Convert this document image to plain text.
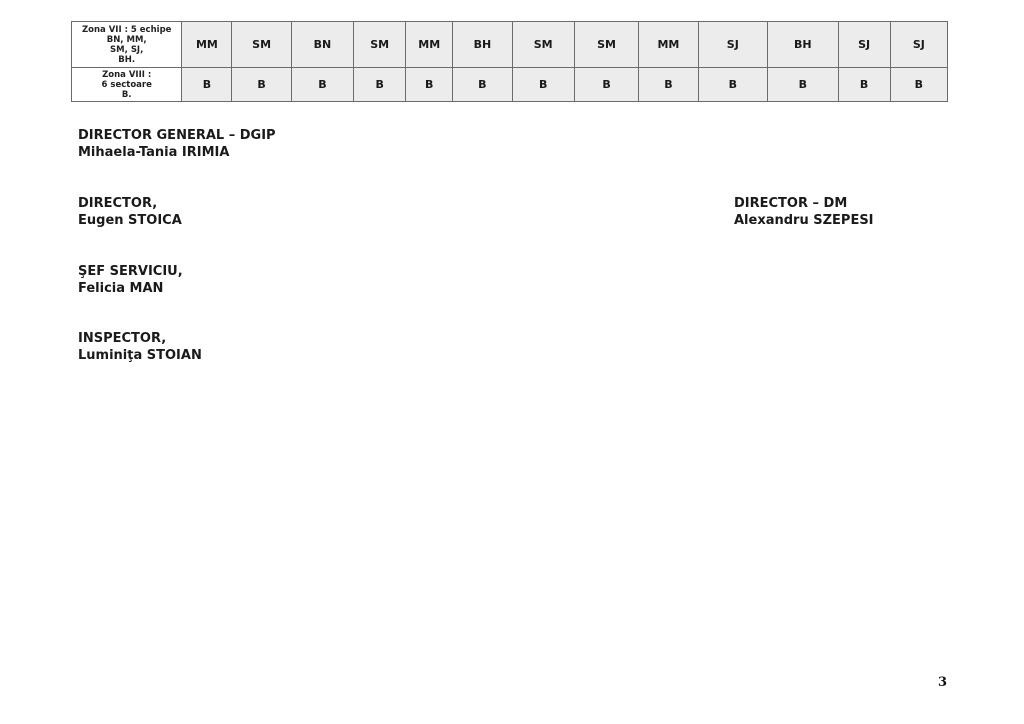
Zona VII : 5 echipe
BN, MM,
SM, SJ,
BH.	MM	SM	BN	SM	MM	BH	SM	SM	MM	SJ	BH	SJ	SJ
Zona VIII :
6 sectoare
B.	B	B	B	B	B	B	B	B	B	B	B	B	B
DIRECTOR GENERAL – DGIP
Mihaela-Tania IRIMIA
DIRECTOR,
Eugen STOICA
DIRECTOR – DM
Alexandru SZEPESI
ŞEF SERVICIU,
Felicia MAN
INSPECTOR,
Luminiţa STOIAN
3
